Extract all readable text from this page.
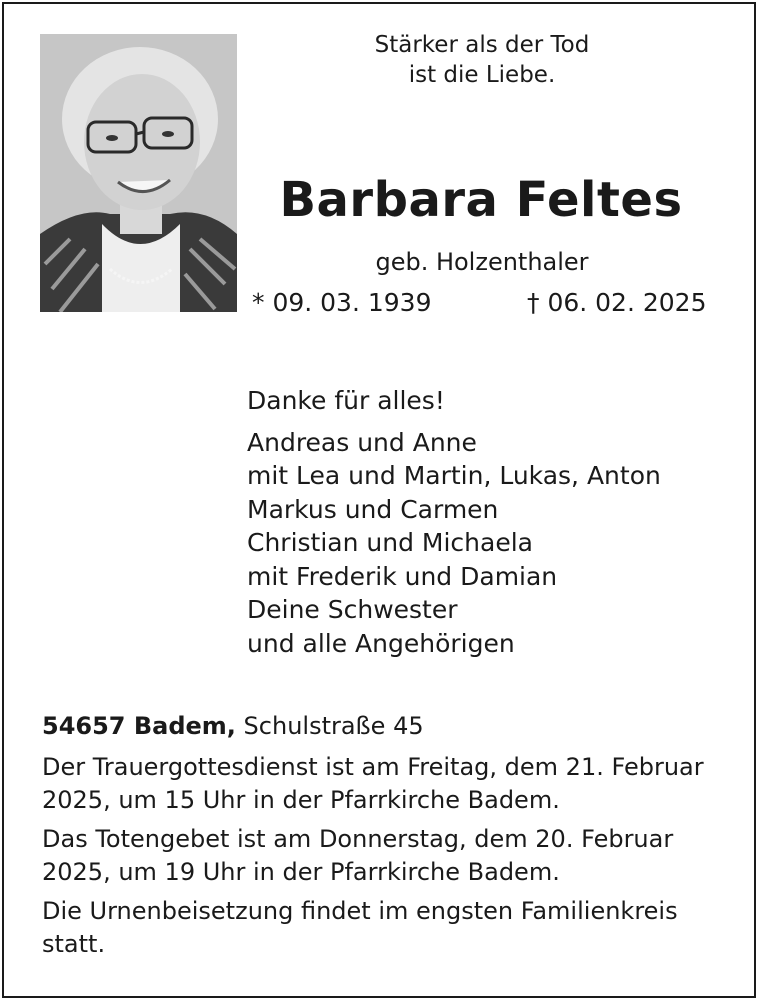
Stärker als der Tod
ist die Liebe.
Barbara Feltes
geb. Holzenthaler
* 09. 03. 1939	† 06. 02. 2025
Danke für alles!
Andreas und Anne
mit Lea und Martin, Lukas, Anton
Markus und Carmen
Christian und Michaela
mit Frederik und Damian
Deine Schwester
und alle Angehörigen
54657 Badem, Schulstraße 45
Der Trauergottesdienst ist am Freitag, dem 21. Februar 2025, um 15 Uhr in der Pfarrkirche Badem.
Das Totengebet ist am Donnerstag, dem 20. Februar 2025, um 19 Uhr in der Pfarrkirche Badem.
Die Urnenbeisetzung findet im engsten Familienkreis statt.
